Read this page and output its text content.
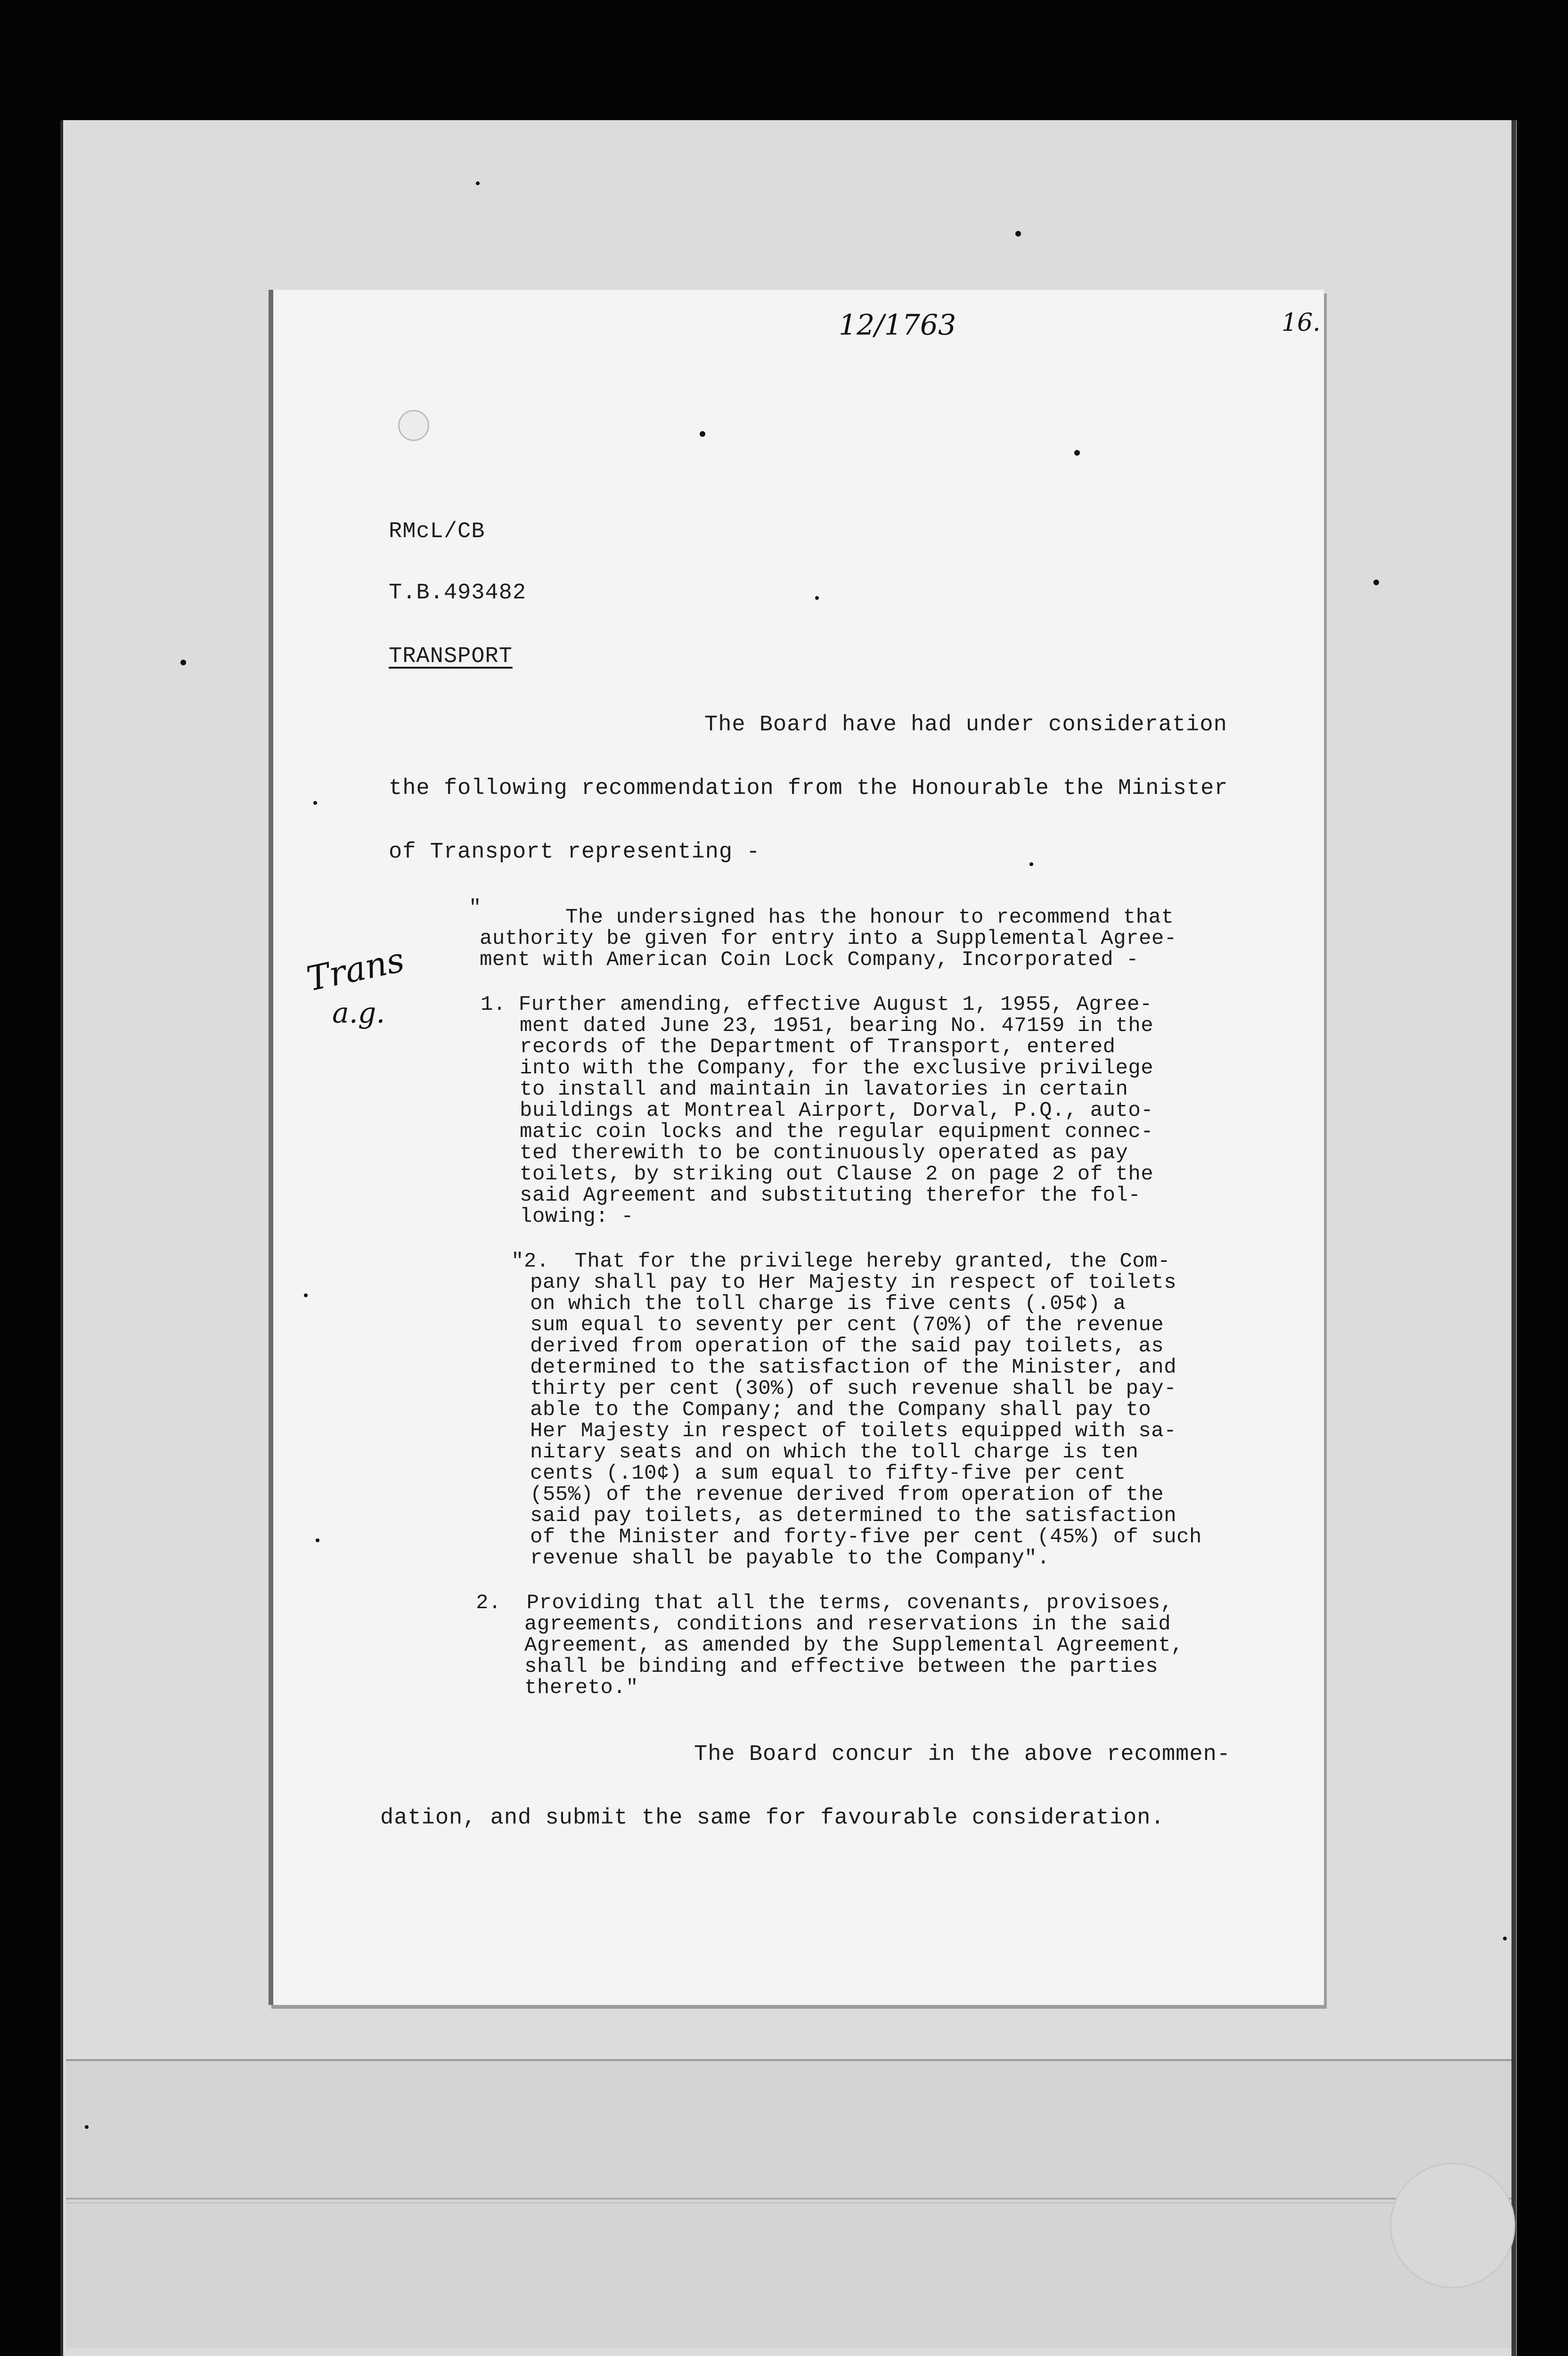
12/1763	16.
RMcL/CB
T.B.493482
TRANSPORT
The Board have had under consideration
the following recommendation from the Honourable the Minister
of Transport representing -
Trans
a.g.
"	The undersigned has the honour to recommend that
authority be given for entry into a Supplemental Agree-
ment with American Coin Lock Company, Incorporated -
1. Further amending, effective August 1, 1955, Agree-
ment dated June 23, 1951, bearing No. 47159 in the
records of the Department of Transport, entered
into with the Company, for the exclusive privilege
to install and maintain in lavatories in certain
buildings at Montreal Airport, Dorval, P.Q., auto-
matic coin locks and the regular equipment connec-
ted therewith to be continuously operated as pay
toilets, by striking out Clause 2 on page 2 of the
said Agreement and substituting therefor the fol-
lowing: -
"2.  That for the privilege hereby granted, the Com-
pany shall pay to Her Majesty in respect of toilets
on which the toll charge is five cents (.05¢) a
sum equal to seventy per cent (70%) of the revenue
derived from operation of the said pay toilets, as
determined to the satisfaction of the Minister, and
thirty per cent (30%) of such revenue shall be pay-
able to the Company; and the Company shall pay to
Her Majesty in respect of toilets equipped with sa-
nitary seats and on which the toll charge is ten
cents (.10¢) a sum equal to fifty-five per cent
(55%) of the revenue derived from operation of the
said pay toilets, as determined to the satisfaction
of the Minister and forty-five per cent (45%) of such
revenue shall be payable to the Company".
2.  Providing that all the terms, covenants, provisoes,
agreements, conditions and reservations in the said
Agreement, as amended by the Supplemental Agreement,
shall be binding and effective between the parties
thereto."
The Board concur in the above recommen-
dation, and submit the same for favourable consideration.
